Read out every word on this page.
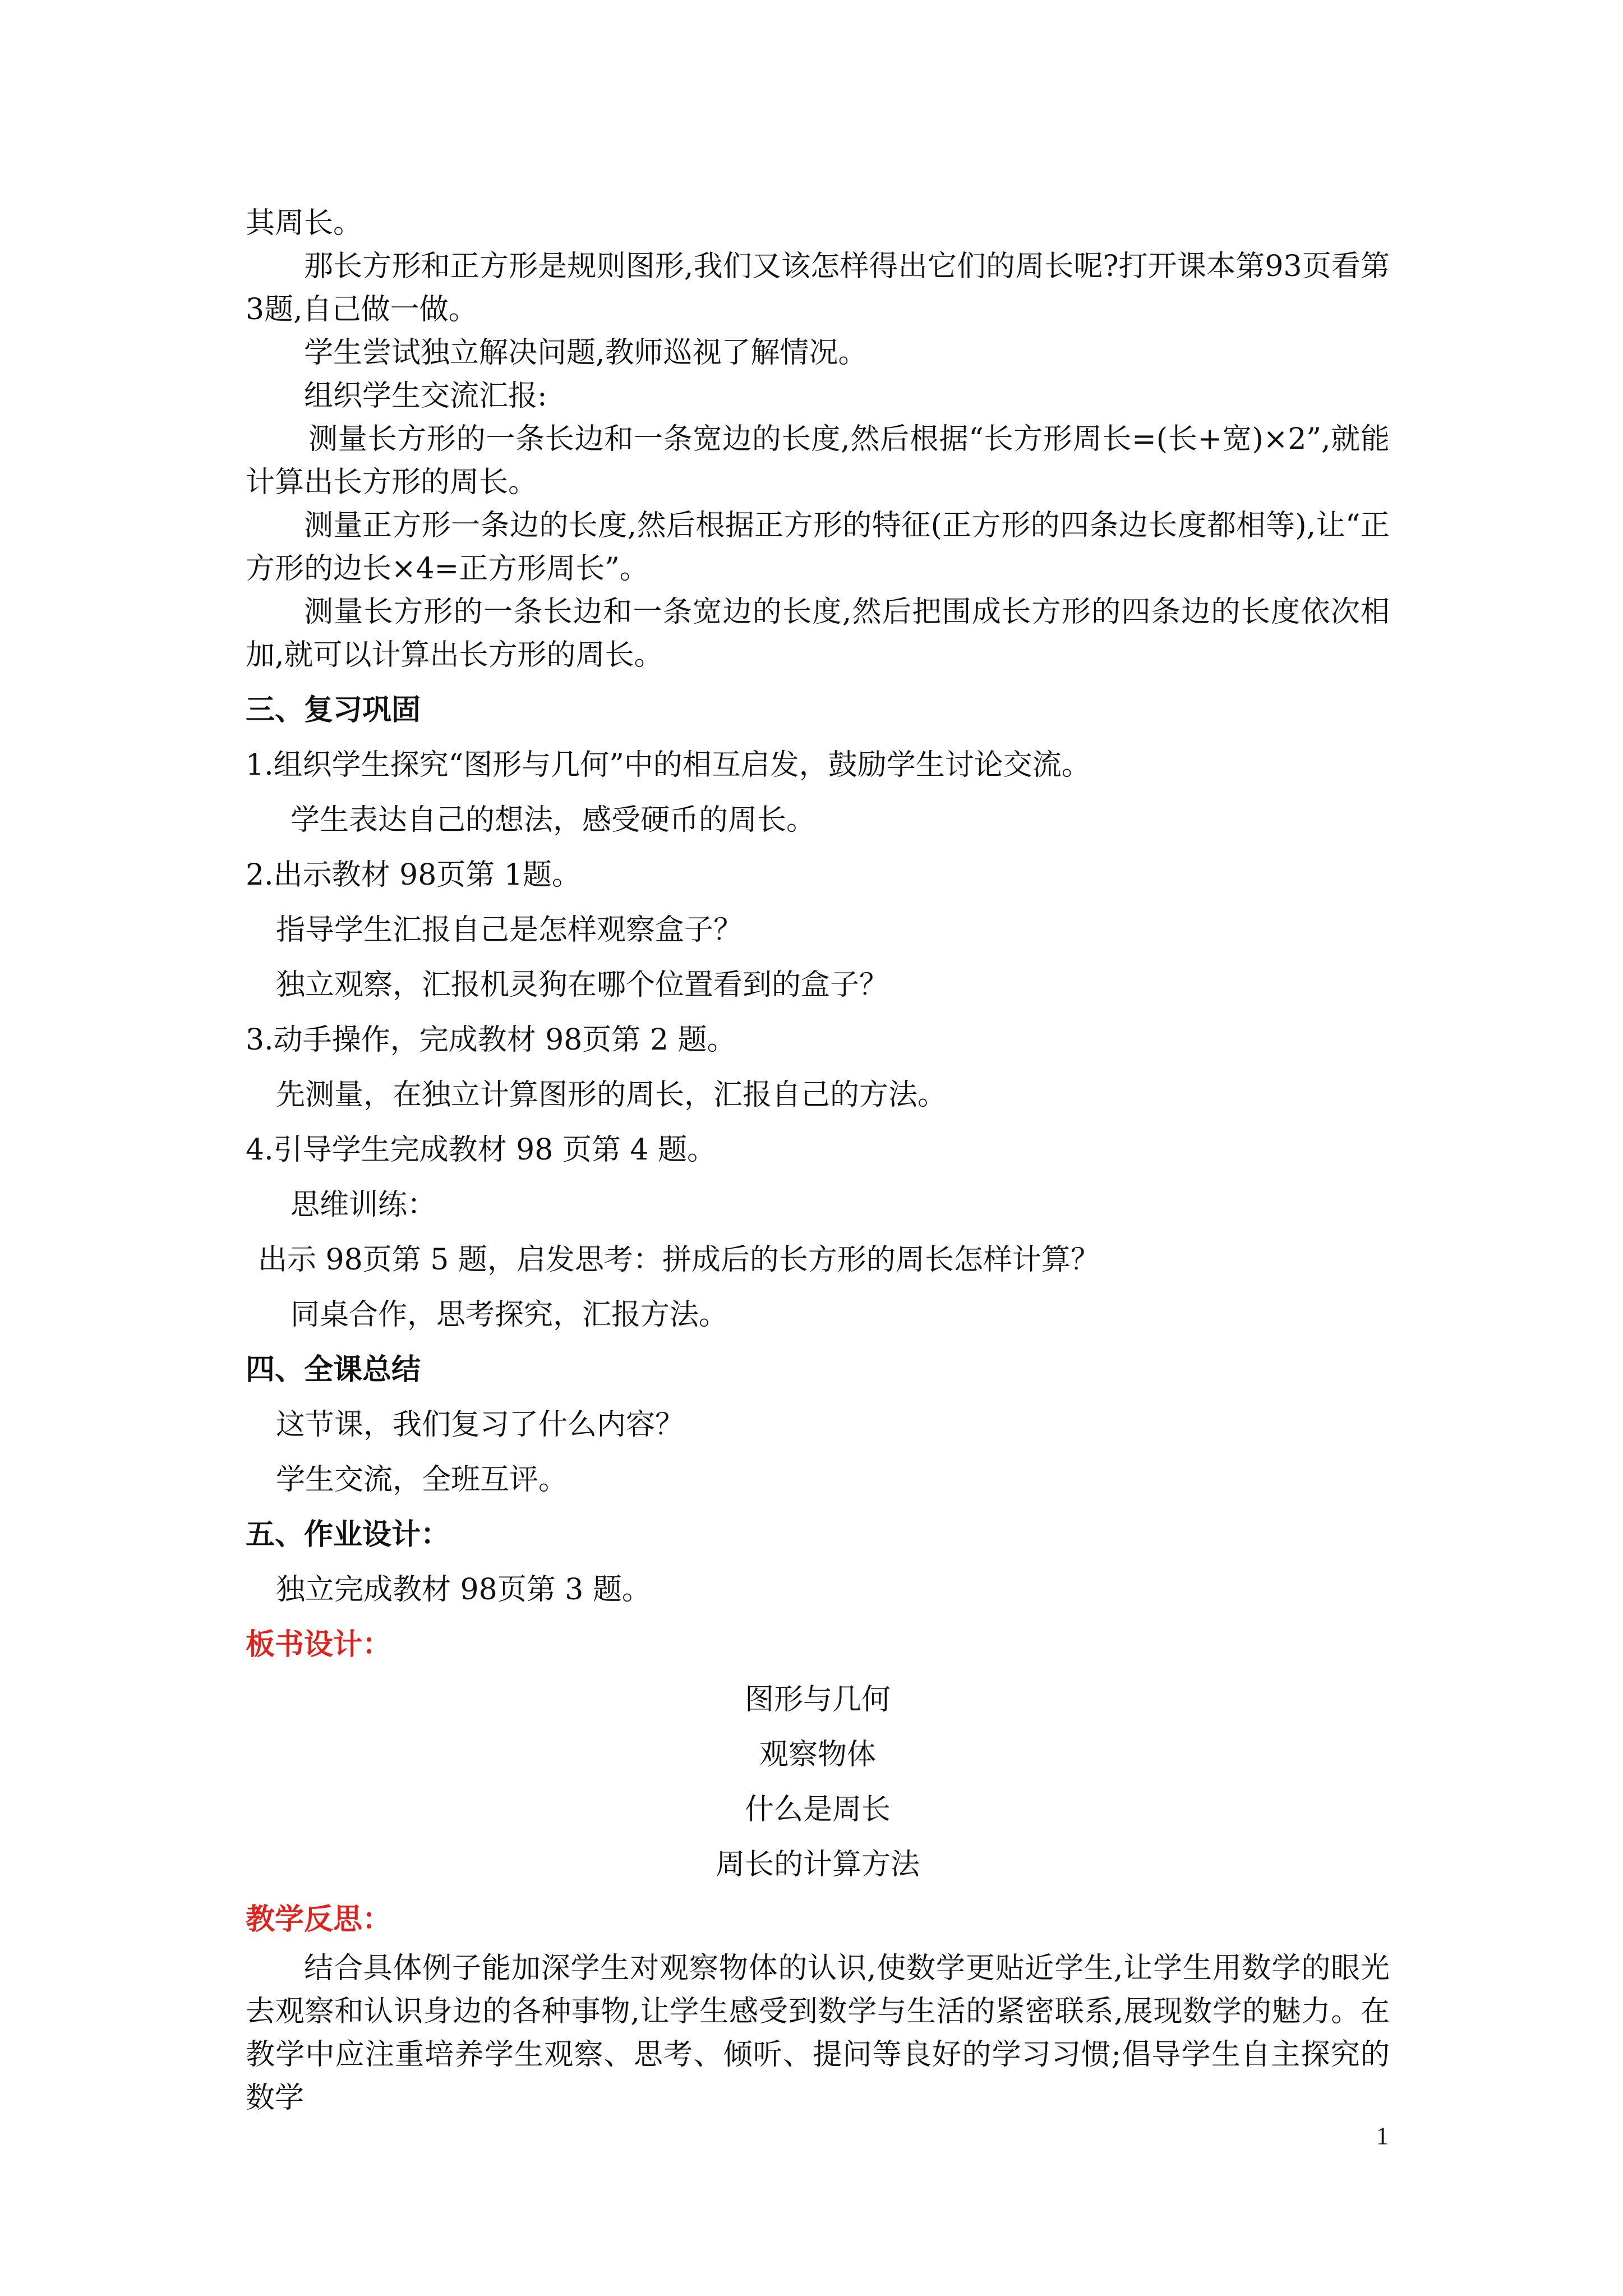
其周长。

那长方形和正方形是规则图形,我们又该怎样得出它们的周长呢?打开课本第93页看第3题,自己做一做。

学生尝试独立解决问题,教师巡视了解情况。

组织学生交流汇报:

测量长方形的一条长边和一条宽边的长度,然后根据“长方形周长=(长+宽)×2”,就能计算出长方形的周长。

测量正方形一条边的长度,然后根据正方形的特征(正方形的四条边长度都相等),让“正方形的边长×4=正方形周长”。

测量长方形的一条长边和一条宽边的长度,然后把围成长方形的四条边的长度依次相加,就可以计算出长方形的周长。

三、复习巩固

1.组织学生探究“图形与几何”中的相互启发，鼓励学生讨论交流。

学生表达自己的想法，感受硬币的周长。

2.出示教材 98页第 1题。

指导学生汇报自己是怎样观察盒子？

独立观察，汇报机灵狗在哪个位置看到的盒子？

3.动手操作，完成教材 98页第 2 题。

先测量，在独立计算图形的周长，汇报自己的方法。

4.引导学生完成教材 98 页第 4 题。

思维训练：

出示 98页第 5 题，启发思考：拼成后的长方形的周长怎样计算？

同桌合作，思考探究，汇报方法。

四、全课总结

这节课，我们复习了什么内容？

学生交流，全班互评。

五、作业设计：

独立完成教材 98页第 3 题。

板书设计：

图形与几何

观察物体

什么是周长

周长的计算方法

教学反思：

结合具体例子能加深学生对观察物体的认识,使数学更贴近学生,让学生用数学的眼光去观察和认识身边的各种事物,让学生感受到数学与生活的紧密联系,展现数学的魅力。在教学中应注重培养学生观察、思考、倾听、提问等良好的学习习惯;倡导学生自主探究的数学

1
